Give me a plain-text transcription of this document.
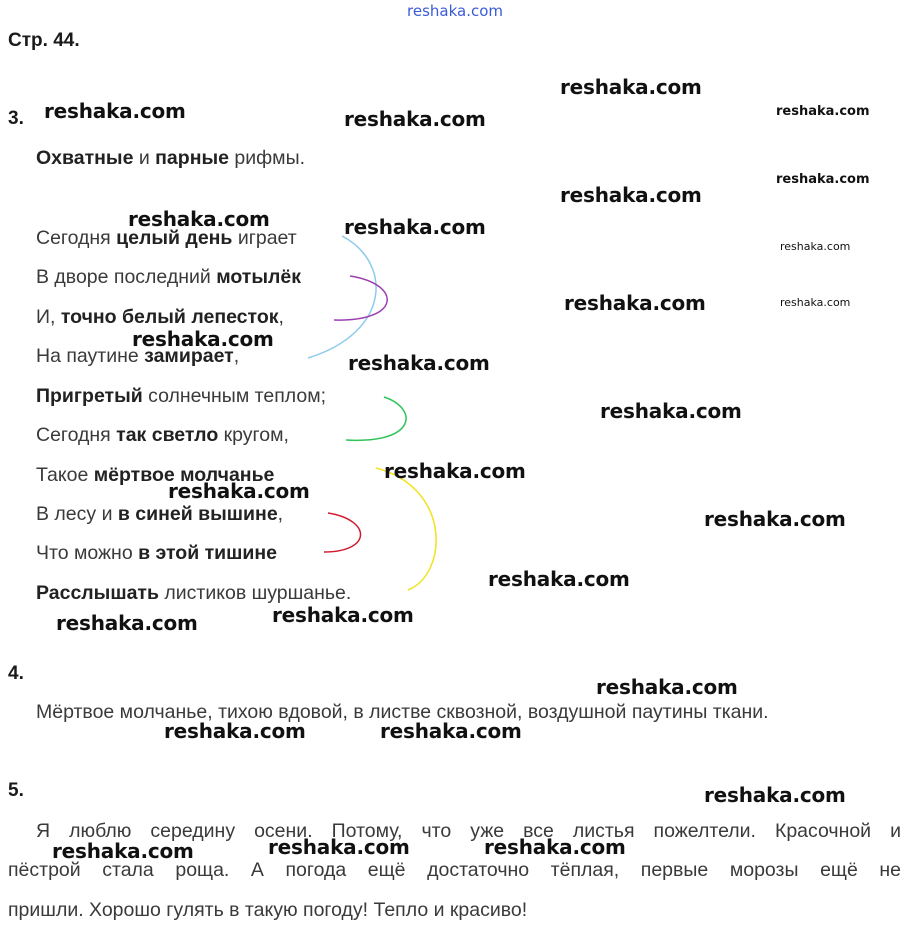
reshaka.com
Стр. 44.
3.
Охватные и парные рифмы.
Сегодня целый день играет
В дворе последний мотылёк
И, точно белый лепесток,
На паутине замирает,
Пригретый солнечным теплом;
Сегодня так светло кругом,
Такое мёртвое молчанье
В лесу и в синей вышине,
Что можно в этой тишине
Расслышать листиков шуршанье.
4.
Мёртвое молчанье, тихою вдовой, в листве сквозной, воздушной паутины ткани.
5.
Я люблю середину осени. Потому, что уже все листья пожелтели. Красочной и
пёстрой стала роща. А погода ещё достаточно тёплая, первые морозы ещё не
пришли. Хорошо гулять в такую погоду! Тепло и красиво!
reshaka.com
reshaka.com	reshaka.com	reshaka.com
reshaka.com
reshaka.com
reshaka.com	reshaka.com
reshaka.com
reshaka.com	reshaka.com
reshaka.com
reshaka.com
reshaka.com
reshaka.com
reshaka.com
reshaka.com
reshaka.com
reshaka.com
reshaka.com
reshaka.com
reshaka.com	reshaka.com
reshaka.com
reshaka.com	reshaka.com
reshaka.com
